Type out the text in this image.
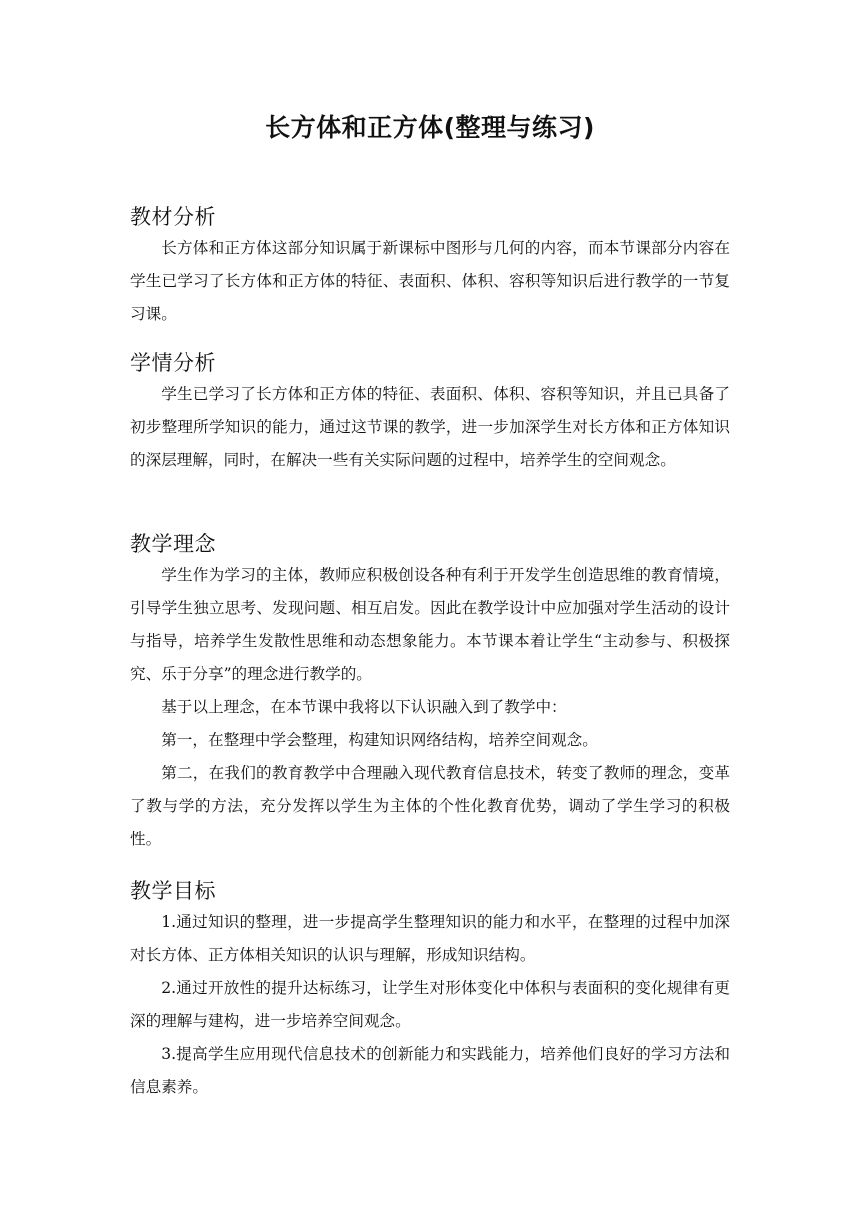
长方体和正方体(整理与练习)
教材分析

长方体和正方体这部分知识属于新课标中图形与几何的内容，而本节课部分内容在学生已学习了长方体和正方体的特征、表面积、体积、容积等知识后进行教学的一节复习课。

学情分析

学生已学习了长方体和正方体的特征、表面积、体积、容积等知识，并且已具备了初步整理所学知识的能力，通过这节课的教学，进一步加深学生对长方体和正方体知识的深层理解，同时，在解决一些有关实际问题的过程中，培养学生的空间观念。

教学理念

学生作为学习的主体，教师应积极创设各种有利于开发学生创造思维的教育情境，引导学生独立思考、发现问题、相互启发。因此在教学设计中应加强对学生活动的设计与指导，培养学生发散性思维和动态想象能力。本节课本着让学生“主动参与、积极探究、乐于分享”的理念进行教学的。

基于以上理念，在本节课中我将以下认识融入到了教学中：

第一，在整理中学会整理，构建知识网络结构，培养空间观念。

第二，在我们的教育教学中合理融入现代教育信息技术，转变了教师的理念，变革了教与学的方法，充分发挥以学生为主体的个性化教育优势，调动了学生学习的积极性。

教学目标

1.通过知识的整理，进一步提高学生整理知识的能力和水平，在整理的过程中加深对长方体、正方体相关知识的认识与理解，形成知识结构。

2.通过开放性的提升达标练习，让学生对形体变化中体积与表面积的变化规律有更深的理解与建构，进一步培养空间观念。

3.提高学生应用现代信息技术的创新能力和实践能力，培养他们良好的学习方法和信息素养。
